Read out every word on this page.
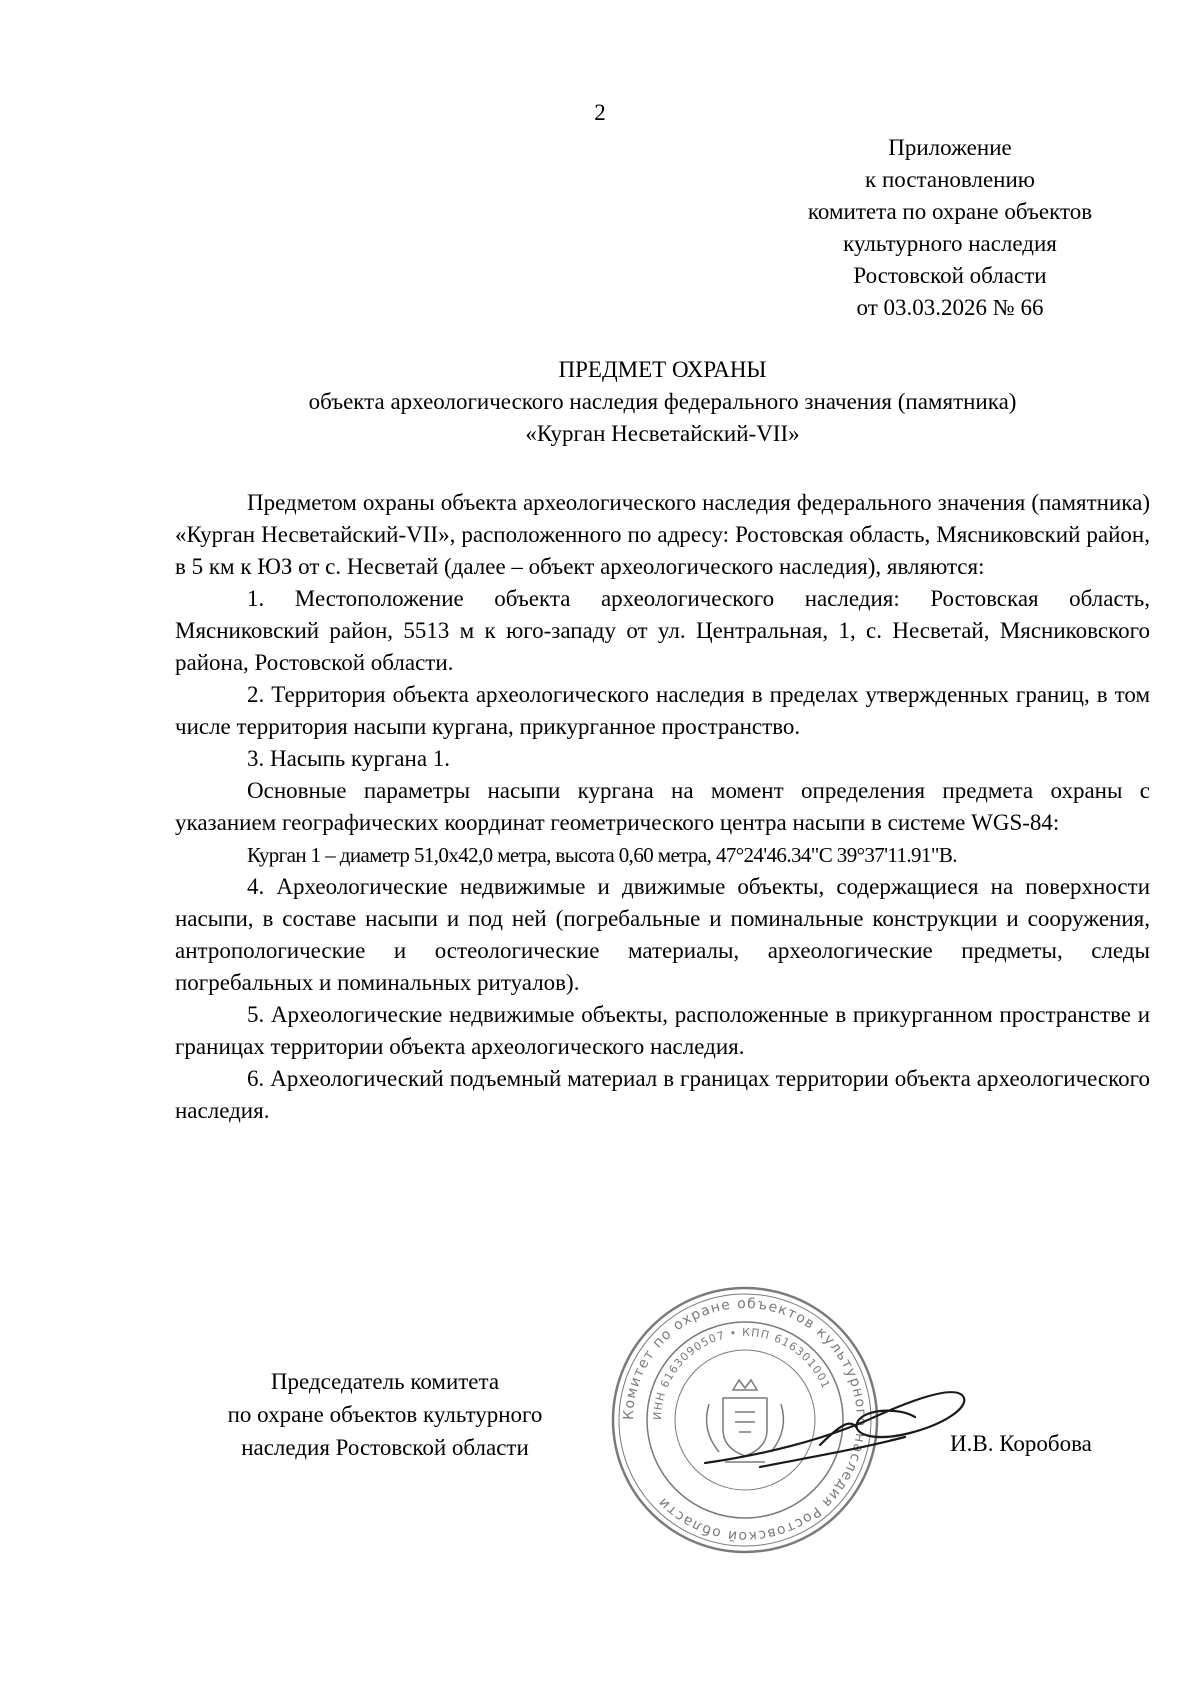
2
Приложение
к постановлению
комитета по охране объектов
культурного наследия
Ростовской области
от 03.03.2026 № 66
ПРЕДМЕТ ОХРАНЫ
объекта археологического наследия федерального значения (памятника)
«Курган Несветайский-VII»

Предметом охраны объекта археологического наследия федерального значения (памятника) «Курган Несветайский-VII», расположенного по адресу: Ростовская область, Мясниковский район, в 5 км к ЮЗ от с. Несветай (далее – объект археологического наследия), являются:

1. Местоположение объекта археологического наследия: Ростовская область, Мясниковский район, 5513 м к юго-западу от ул. Центральная, 1, с. Несветай, Мясниковского района, Ростовской области.

2. Территория объекта археологического наследия в пределах утвержденных границ, в том числе территория насыпи кургана, прикурганное пространство.

3. Насыпь кургана 1.

Основные параметры насыпи кургана на момент определения предмета охраны с указанием географических координат геометрического центра насыпи в системе WGS-84:

Курган 1 – диаметр 51,0x42,0 метра, высота 0,60 метра, 47°24'46.34"С 39°37'11.91"В.

4. Археологические недвижимые и движимые объекты, содержащиеся на поверхности насыпи, в составе насыпи и под ней (погребальные и поминальные конструкции и сооружения, антропологические и остеологические материалы, археологические предметы, следы погребальных и поминальных ритуалов).

5. Археологические недвижимые объекты, расположенные в прикурганном пространстве и границах территории объекта археологического наследия.

6. Археологический подъемный материал в границах территории объекта археологического наследия.

Комитет по охране объектов культурного наследия Ростовской области
ИНН 6163090507 • КПП 616301001
Председатель комитета
по охране объектов культурного
наследия Ростовской области	И.В. Коробова
